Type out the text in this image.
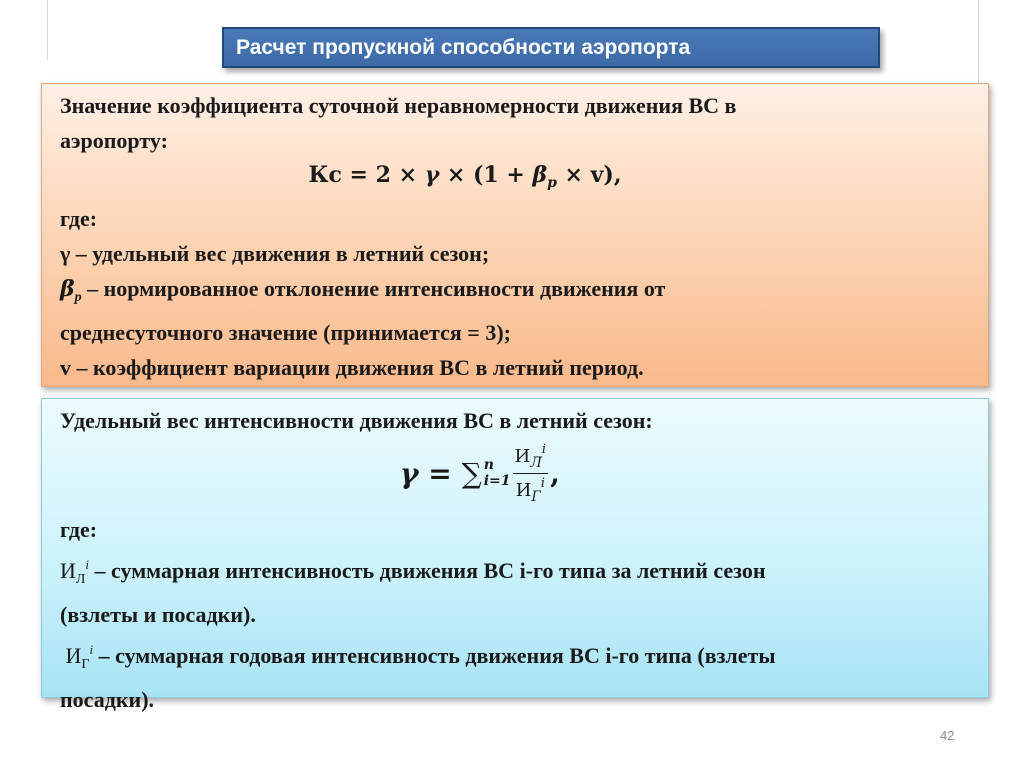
Расчет пропускной способности аэропорта
Значение коэффициента суточной неравномерности движения ВС в
аэропорту:
Кс = $2 \times \gamma \times (1 + \beta_p \times v)$,
где:
γ – удельный вес движения в летний сезон;
$\beta_p$ – нормированное отклонение интенсивности движения от
среднесуточного значение (принимается = 3);
v – коэффициент вариации движения ВС в летний период.
Удельный вес интенсивности движения ВС в летний сезон:
γ = ∑ n
$i=1 \frac{И_Л^i}{И_Г^i}$ ,
где:
$И_Л^i$ – суммарная интенсивность движения ВС i-го типа за летний сезон
(взлеты и посадки).
$И_Г^i$ – суммарная годовая интенсивность движения ВС i-го типа (взлеты
посадки).
42
